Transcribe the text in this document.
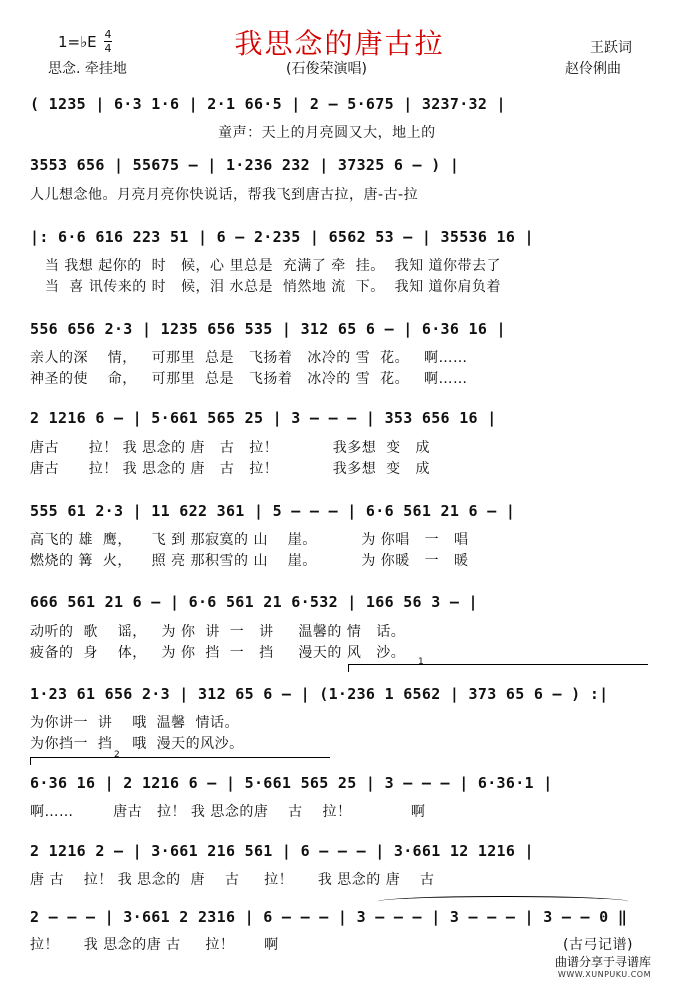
1=♭E 4
4	我思念的唐古拉	王跃词
赵伶俐曲
思念. 牵挂地	(石俊荣演唱)
( 1235 | 6·3 1·6 | 2·1 66·5 | 2 – 5·675 | 3237·32 |
童声：天上的月亮圆又大，地上的
3553 656 | 55675 – | 1·236 232 | 37325 6 – ) |
人儿想念他。月亮月亮你快说话，帮我飞到唐古拉，唐-古-拉
|: 6·6 616 223 51 | 6 – 2·235 | 6562 53 – | 35536 16 |
当 我想 起你的  时   候，心 里总是  充满了 牵  挂。  我知 道你带去了
当  喜 讯传来的 时   候，泪 水总是  悄然地 流  下。  我知 道你肩负着
556 656 2·3 | 1235 656 535 | 312 65 6 – | 6·36 16 |
亲人的深    情，   可那里  总是   飞扬着   冰冷的 雪  花。   啊……
神圣的使    命，   可那里  总是   飞扬着   冰冷的 雪  花。   啊……
2 1216 6 – | 5·661 565 25 | 3 – – – | 353 656 16 |
唐古      拉！ 我 思念的 唐   古   拉！           我多想  变   成
唐古      拉！ 我 思念的 唐   古   拉！           我多想  变   成
555 61 2·3 | 11 622 361 | 5 – – – | 6·6 561 21 6 – |
高飞的 雄  鹰，    飞 到 那寂寞的 山    崖。         为 你唱   一   唱
燃烧的 篝  火，    照 亮 那积雪的 山    崖。         为 你暖   一   暖
666 561 21 6 – | 6·6 561 21 6·532 | 166 56 3 – |
动听的  歌    谣，   为 你  讲  一   讲     温馨的 情   话。
疲备的  身    体，   为 你  挡  一   挡     漫天的 风   沙。
1
1·23 61 656 2·3 | 312 65 6 – | (1·236 1 6562 | 373 65 6 – ) :|
为你讲一  讲    哦  温馨  情话。
为你挡一  挡    哦  漫天的风沙。
2
6·36 16 | 2 1216 6 – | 5·661 565 25 | 3 – – – | 6·36·1 |
啊……        唐古   拉！ 我 思念的唐    古    拉！            啊
2 1216 2 – | 3·661 216 561 | 6 – – – | 3·661 12 1216 |
唐 古    拉！ 我 思念的  唐    古     拉！     我 思念的 唐    古
2 – – – | 3·661 2 2316 | 6 – – – | 3 – – – | 3 – – – | 3 – – 0 ‖
拉！     我 思念的唐 古     拉！      啊	(古弓记谱)
曲谱分享于寻谱库
WWW.XUNPUKU.COM
